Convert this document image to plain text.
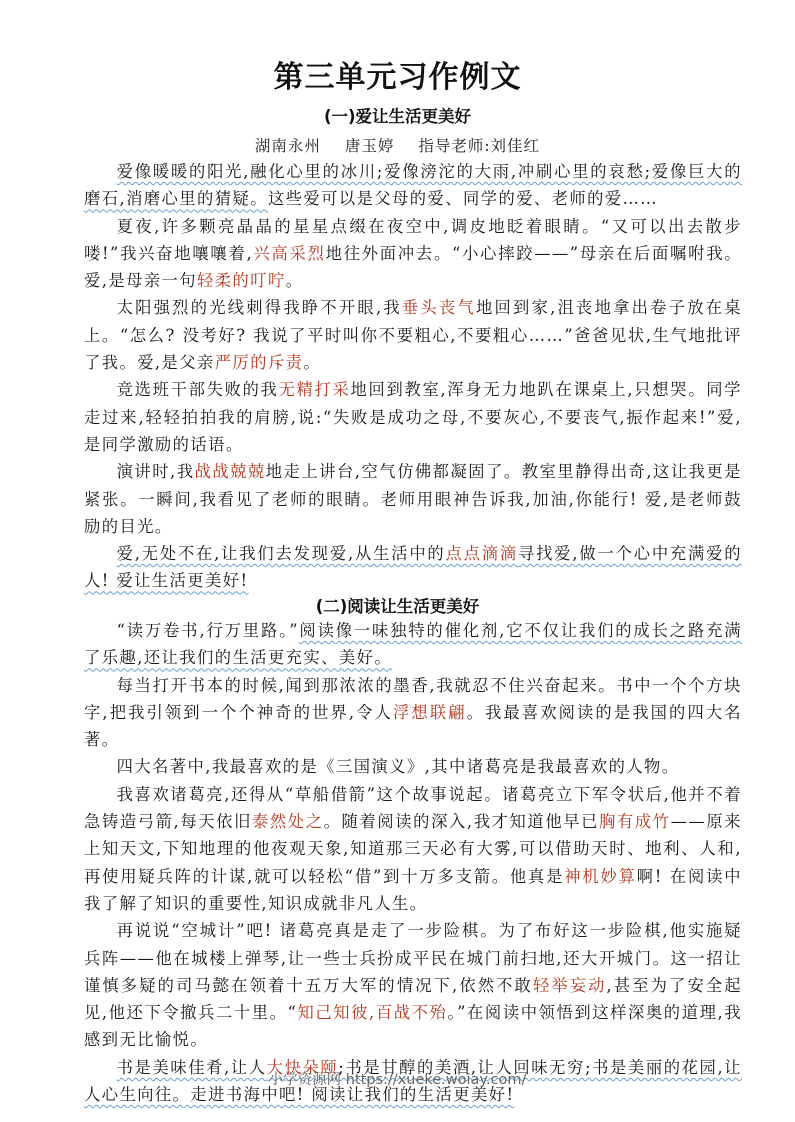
第三单元习作例文
(一)爱让生活更美好
湖南永州 唐玉婷 指导老师:刘佳红

爱像暖暖的阳光,融化心里的冰川;爱像滂沱的大雨,冲刷心里的哀愁;爱像巨大的磨石,消磨心里的猜疑。这些爱可以是父母的爱、同学的爱、老师的爱……

夏夜,许多颗亮晶晶的星星点缀在夜空中,调皮地眨着眼睛。“又可以出去散步喽!”我兴奋地嚷嚷着,兴高采烈地往外面冲去。“小心摔跤——”母亲在后面嘱咐我。爱,是母亲一句轻柔的叮咛。

太阳强烈的光线刺得我睁不开眼,我垂头丧气地回到家,沮丧地拿出卷子放在桌上。“怎么? 没考好? 我说了平时叫你不要粗心,不要粗心……”爸爸见状,生气地批评了我。爱,是父亲严厉的斥责。

竞选班干部失败的我无精打采地回到教室,浑身无力地趴在课桌上,只想哭。同学走过来,轻轻拍拍我的肩膀,说:“失败是成功之母,不要灰心,不要丧气,振作起来!”爱,是同学激励的话语。

演讲时,我战战兢兢地走上讲台,空气仿佛都凝固了。教室里静得出奇,这让我更是紧张。一瞬间,我看见了老师的眼睛。老师用眼神告诉我,加油,你能行! 爱,是老师鼓励的目光。

爱,无处不在,让我们去发现爱,从生活中的点点滴滴寻找爱,做一个心中充满爱的人! 爱让生活更美好!

(二)阅读让生活更美好

“读万卷书,行万里路。”阅读像一味独特的催化剂,它不仅让我们的成长之路充满了乐趣,还让我们的生活更充实、美好。

每当打开书本的时候,闻到那浓浓的墨香,我就忍不住兴奋起来。书中一个个方块字,把我引领到一个个神奇的世界,令人浮想联翩。我最喜欢阅读的是我国的四大名著。

四大名著中,我最喜欢的是《三国演义》,其中诸葛亮是我最喜欢的人物。

我喜欢诸葛亮,还得从“草船借箭”这个故事说起。诸葛亮立下军令状后,他并不着急铸造弓箭,每天依旧泰然处之。随着阅读的深入,我才知道他早已胸有成竹——原来上知天文,下知地理的他夜观天象,知道那三天必有大雾,可以借助天时、地利、人和,再使用疑兵阵的计谋,就可以轻松“借”到十万多支箭。他真是神机妙算啊! 在阅读中我了解了知识的重要性,知识成就非凡人生。

再说说“空城计”吧! 诸葛亮真是走了一步险棋。为了布好这一步险棋,他实施疑兵阵——他在城楼上弹琴,让一些士兵扮成平民在城门前扫地,还大开城门。这一招让谨慎多疑的司马懿在领着十五万大军的情况下,依然不敢轻举妄动,甚至为了安全起见,他还下令撤兵二十里。“知己知彼,百战不殆。”在阅读中领悟到这样深奥的道理,我感到无比愉悦。

书是美味佳肴,让人大快朵颐;书是甘醇的美酒,让人回味无穷;书是美丽的花园,让人心生向往。走进书海中吧! 阅读让我们的生活更美好!

小学资源网 https://xueke.woiay.com/
